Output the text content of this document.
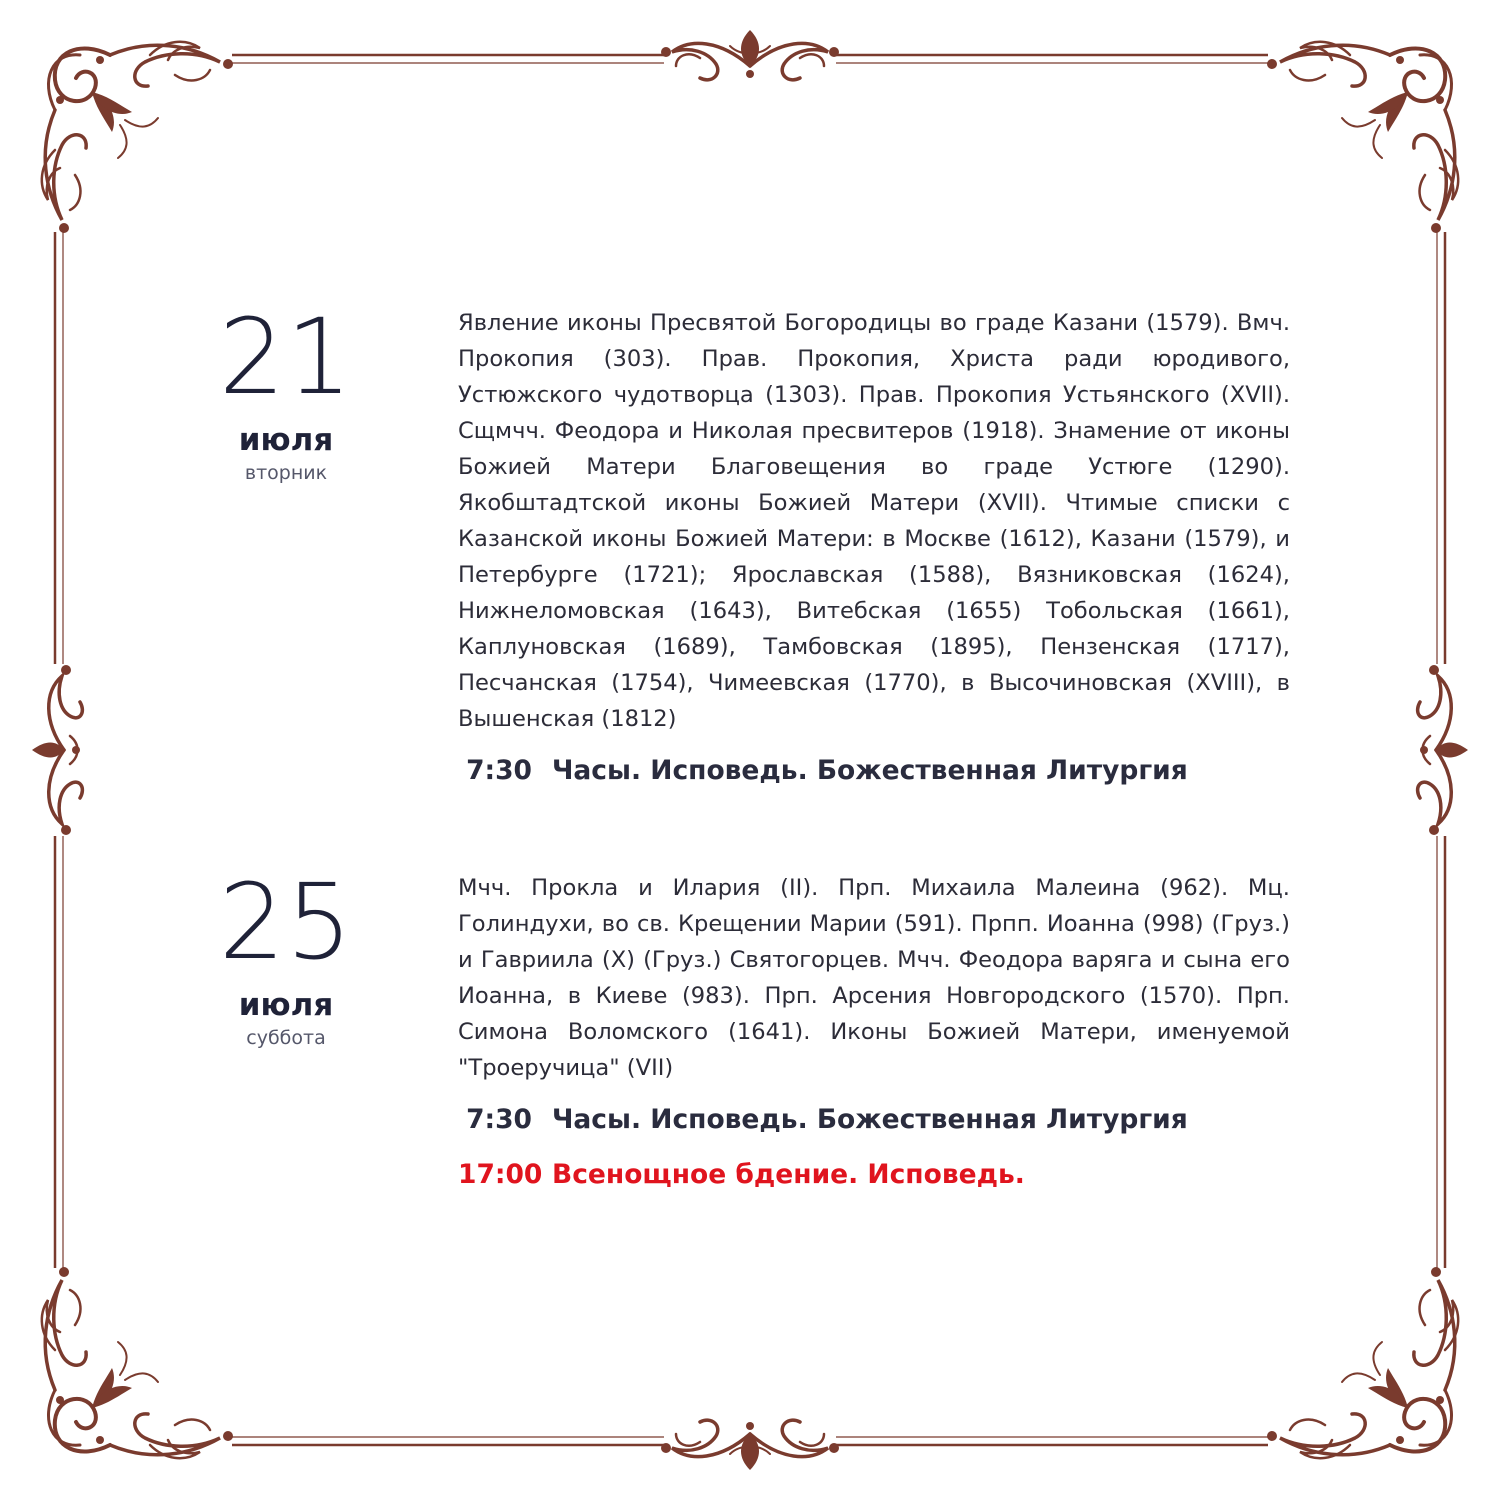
21
июля
вторник

Явление иконы Пресвятой Богородицы во граде Казани (1579). Вмч. Прокопия (303). Прав. Прокопия, Христа ради юродивого, Устюжского чудотворца (1303). Прав. Прокопия Устьянского (XVII). Сщмчч. Феодора и Николая пресвитеров (1918). Знамение от иконы Божией Матери Благовещения во граде Устюге (1290). Якобштадтской иконы Божией Матери (XVII). Чтимые списки с Казанской иконы Божией Матери: в Москве (1612), Казани (1579), и Петербурге (1721); Ярославская (1588), Вязниковская (1624), Нижнеломовская (1643), Витебская (1655) Тобольская (1661), Каплуновская (1689), Тамбовская (1895), Пензенская (1717), Песчанская (1754), Чимеевская (1770), в Высочиновская (XVIII), в Вышенская (1812)

7:30 Часы. Исповедь. Божественная Литургия
25
июля
суббота

Мчч. Прокла и Илария (II). Прп. Михаила Малеина (962). Мц. Голиндухи, во св. Крещении Марии (591). Прпп. Иоанна (998) (Груз.) и Гавриила (X) (Груз.) Святогорцев. Мчч. Феодора варяга и сына его Иоанна, в Киеве (983). Прп. Арсения Новгородского (1570). Прп. Симона Воломского (1641). Иконы Божией Матери, именуемой "Троеручица" (VII)

7:30 Часы. Исповедь. Божественная Литургия
17:00 Всенощное бдение. Исповедь.
